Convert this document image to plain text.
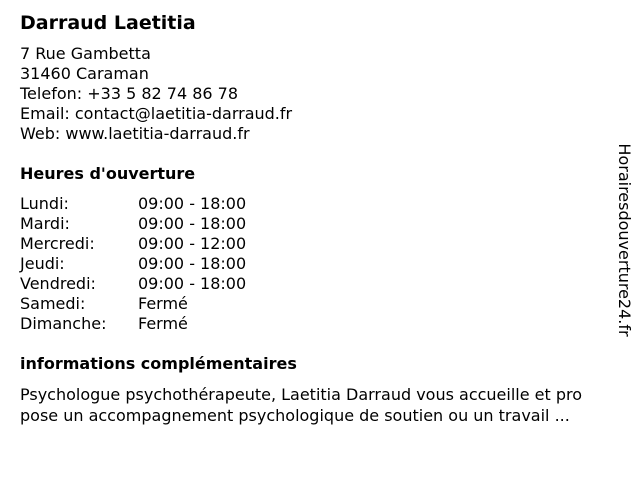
Darraud Laetitia
7 Rue Gambetta
31460 Caraman
Telefon: +33 5 82 74 86 78
Email: contact@laetitia-darraud.fr
Web: www.laetitia-darraud.fr
Heures d'ouverture
Lundi:	09:00 - 18:00
Mardi:	09:00 - 18:00
Mercredi:	09:00 - 12:00
Jeudi:	09:00 - 18:00
Vendredi:	09:00 - 18:00
Samedi:	Fermé
Dimanche:	Fermé
informations complémentaires
Psychologue psychothérapeute, Laetitia Darraud vous accueille et pro
pose un accompagnement psychologique de soutien ou un travail ...
Horairesdouverture24.fr
